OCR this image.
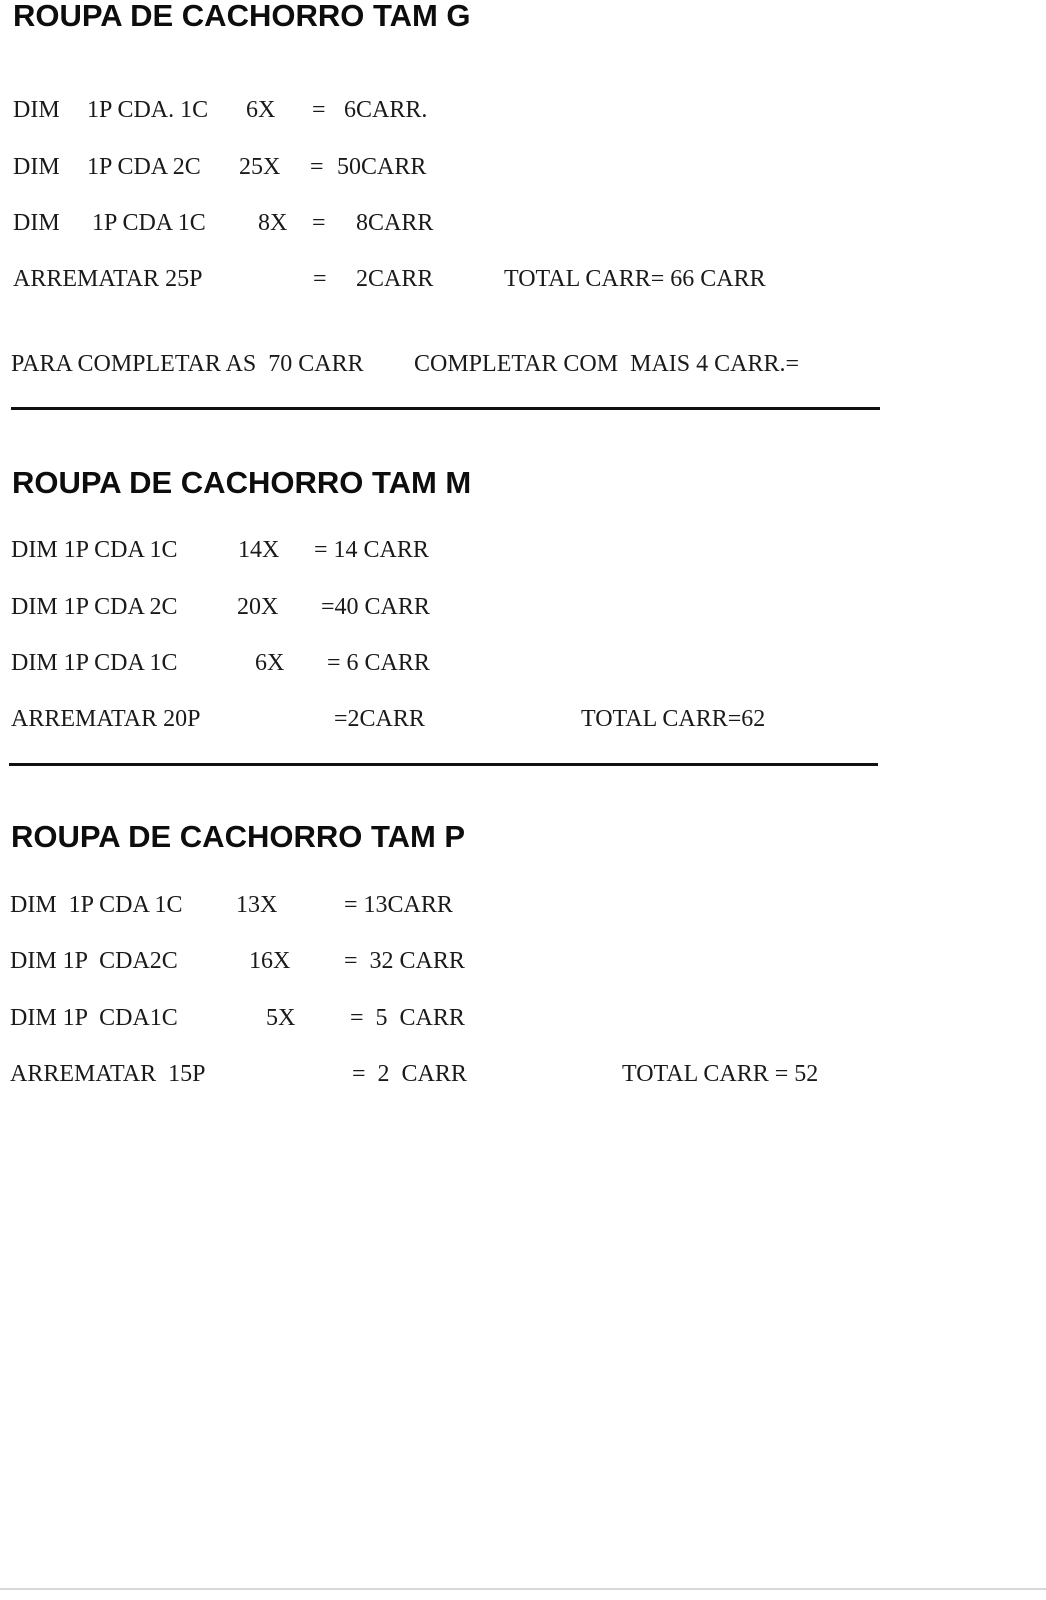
ROUPA DE CACHORRO TAM G
DIM 1P CDA. 1C 6X = 6CARR.
DIM 1P CDA 2C 25X = 50CARR
DIM 1P CDA 1C 8X = 8CARR
ARREMATAR 25P	= 2CARR	TOTAL CARR= 66 CARR
PARA COMPLETAR AS  70 CARR COMPLETAR COM  MAIS 4 CARR.=
ROUPA DE CACHORRO TAM M
DIM 1P CDA 1C	14X = 14 CARR
DIM 1P CDA 2C 20X =40 CARR
DIM 1P CDA 1C	6X = 6 CARR
ARREMATAR 20P	=2CARR	TOTAL CARR=62
ROUPA DE CACHORRO TAM P
DIM  1P CDA 1C 13X	= 13CARR
DIM 1P  CDA2C	16X =  32 CARR
DIM 1P  CDA1C	5X =  5  CARR
ARREMATAR  15P	=  2  CARR	TOTAL CARR = 52
